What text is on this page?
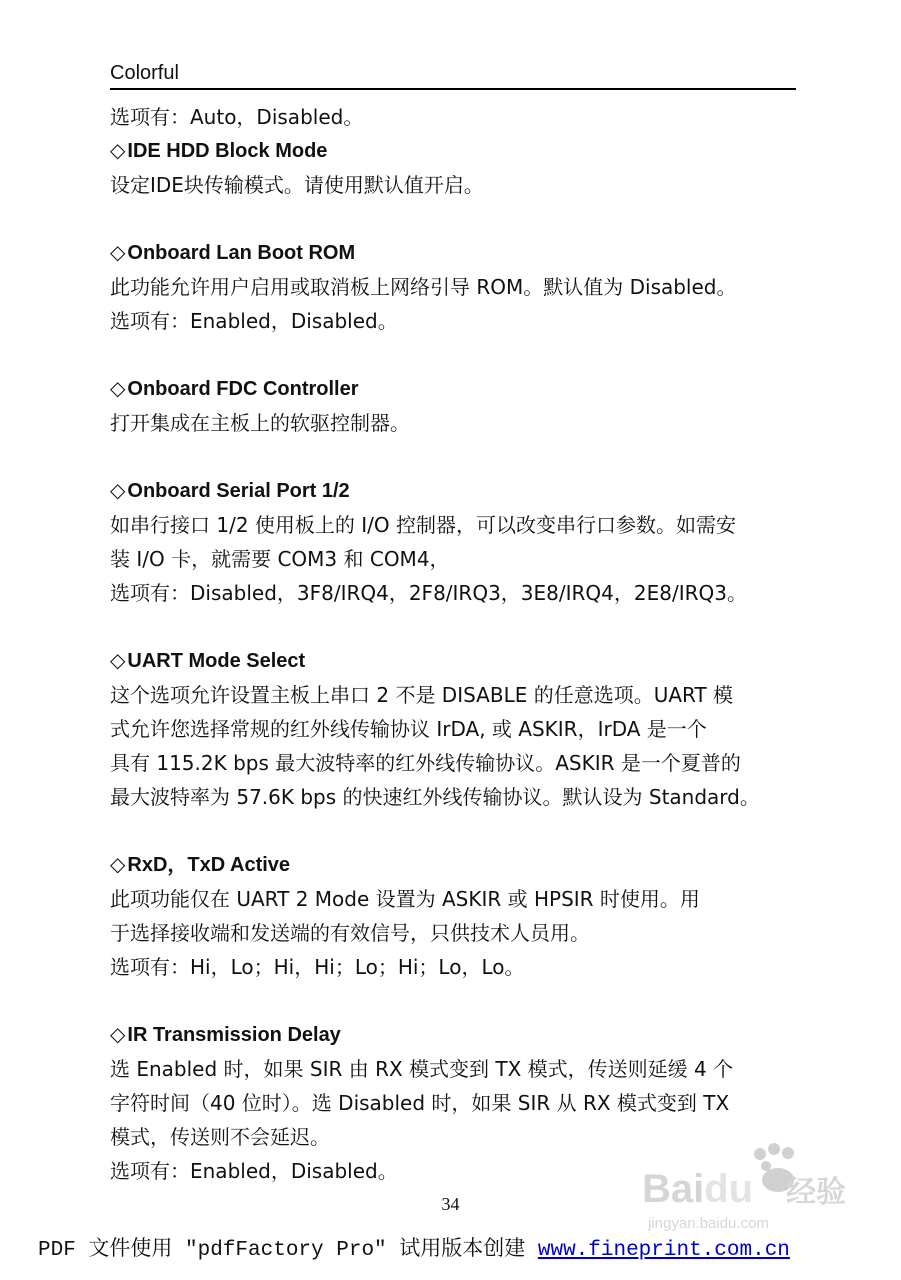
Colorful
选项有：Auto，Disabled。
◇ IDE HDD Block Mode
设定IDE块传输模式。请使用默认值开启。
◇ Onboard Lan Boot ROM
此功能允许用户启用或取消板上网络引导 ROM。默认值为 Disabled。
选项有：Enabled，Disabled。
◇ Onboard FDC Controller
打开集成在主板上的软驱控制器。
◇ Onboard Serial Port 1/2
如串行接口 1/2 使用板上的 I/O 控制器，可以改变串行口参数。如需安
装 I/O 卡，就需要 COM3 和 COM4，
选项有：Disabled，3F8/IRQ4，2F8/IRQ3，3E8/IRQ4，2E8/IRQ3。
◇ UART Mode Select
这个选项允许设置主板上串口 2 不是 DISABLE 的任意选项。UART 模
式允许您选择常规的红外线传输协议 IrDA, 或 ASKIR，IrDA 是一个
具有 115.2K bps 最大波特率的红外线传输协议。ASKIR 是一个夏普的
最大波特率为 57.6K bps 的快速红外线传输协议。默认设为 Standard。
◇ RxD，TxD Active
此项功能仅在 UART 2 Mode 设置为 ASKIR 或 HPSIR 时使用。用
于选择接收端和发送端的有效信号，只供技术人员用。
选项有：Hi，Lo；Hi，Hi；Lo；Hi；Lo，Lo。
◇ IR Transmission Delay
选 Enabled 时，如果 SIR 由 RX 模式变到 TX 模式，传送则延缓 4 个
字符时间（40 位时）。选 Disabled 时，如果 SIR 从 RX 模式变到 TX
模式，传送则不会延迟。
选项有：Enabled，Disabled。
34	Baidu 经验
jingyan.baidu.com
PDF 文件使用 "pdfFactory Pro" 试用版本创建 www.fineprint.com.cn
